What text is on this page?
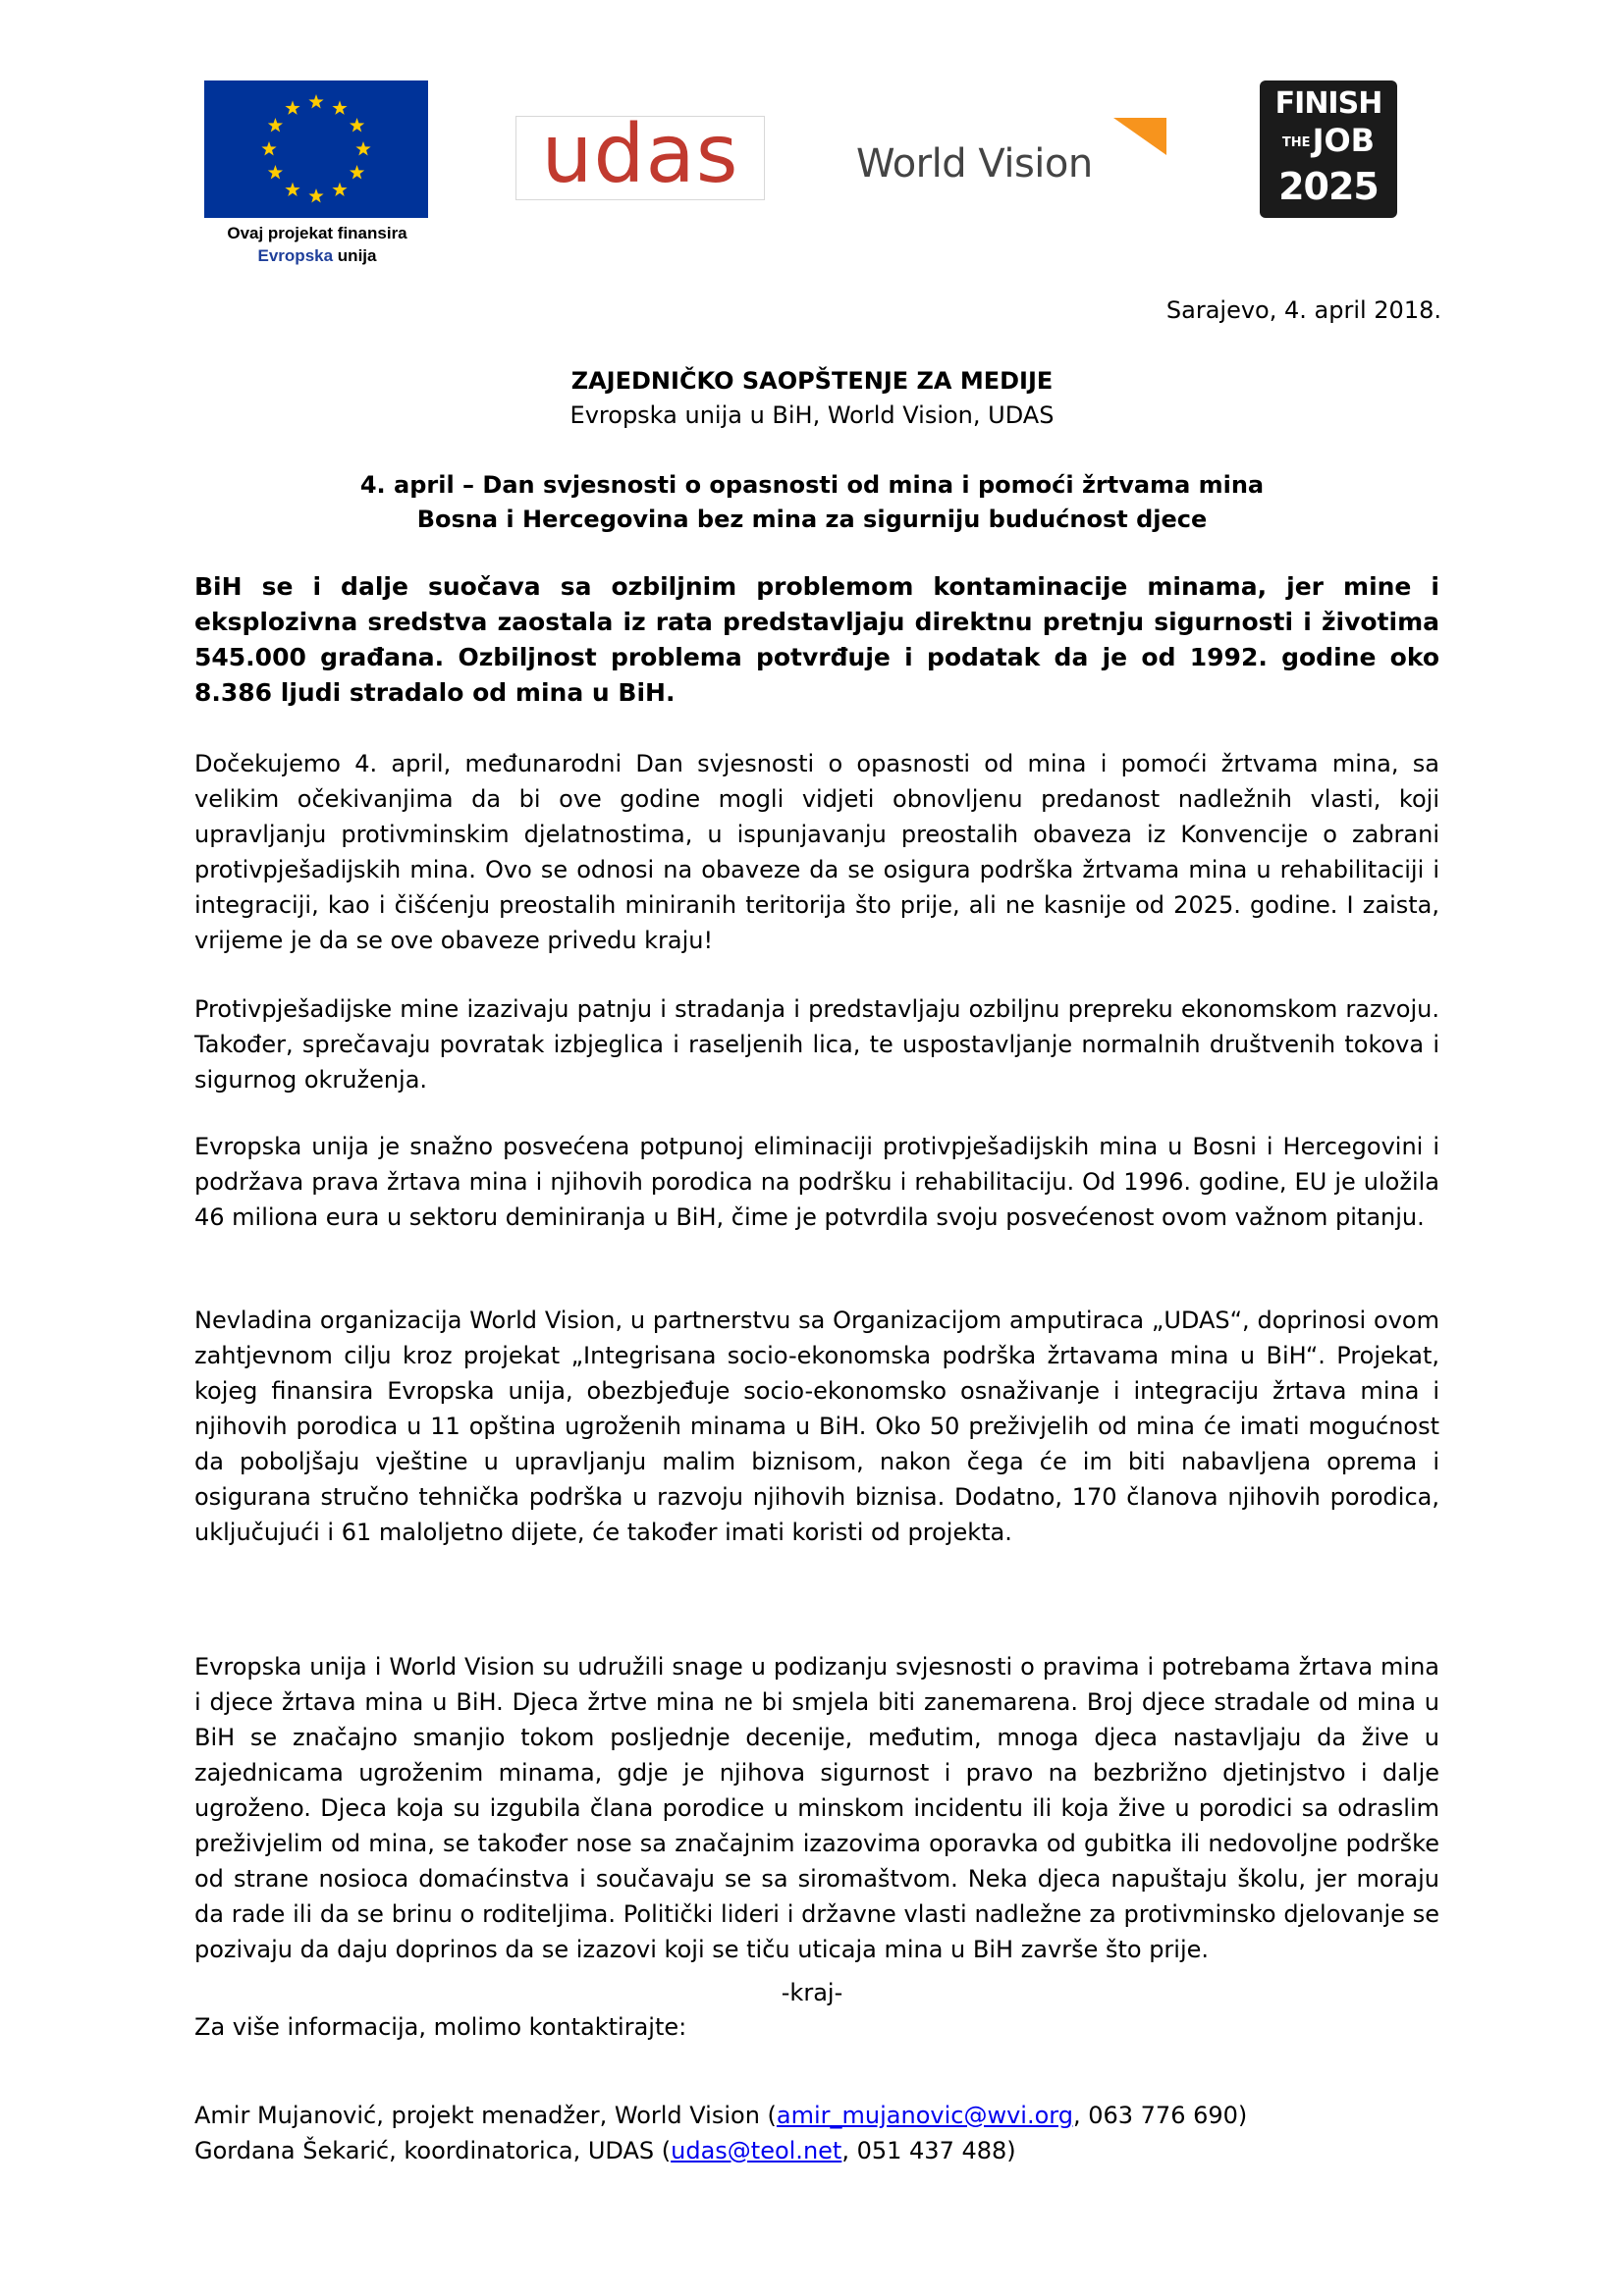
Ovaj projekat finansira
Evropska unija
udas	World Vision
FINISH
THEJOB
2025
Sarajevo, 4. april 2018.
ZAJEDNIČKO SAOPŠTENJE ZA MEDIJE
Evropska unija u BiH, World Vision, UDAS
4. april – Dan svjesnosti o opasnosti od mina i pomoći žrtvama mina
Bosna i Hercegovina bez mina za sigurniju budućnost djece

BiH se i dalje suočava sa ozbiljnim problemom kontaminacije minama, jer mine i eksplozivna sredstva zaostala iz rata predstavljaju direktnu pretnju sigurnosti i životima 545.000 građana. Ozbiljnost problema potvrđuje i podatak da je od 1992. godine oko 8.386 ljudi stradalo od mina u BiH.

Dočekujemo 4. april, međunarodni Dan svjesnosti o opasnosti od mina i pomoći žrtvama mina, sa velikim očekivanjima da bi ove godine mogli vidjeti obnovljenu predanost nadležnih vlasti, koji upravljanju protivminskim djelatnostima, u ispunjavanju preostalih obaveza iz Konvencije o zabrani protivpješadijskih mina. Ovo se odnosi na obaveze da se osigura podrška žrtvama mina u rehabilitaciji i integraciji, kao i čišćenju preostalih miniranih teritorija što prije, ali ne kasnije od 2025. godine. I zaista, vrijeme je da se ove obaveze privedu kraju!

Protivpješadijske mine izazivaju patnju i stradanja i predstavljaju ozbiljnu prepreku ekonomskom razvoju. Također, sprečavaju povratak izbjeglica i raseljenih lica, te uspostavljanje normalnih društvenih tokova i sigurnog okruženja.

Evropska unija je snažno posvećena potpunoj eliminaciji protivpješadijskih mina u Bosni i Hercegovini i podržava prava žrtava mina i njihovih porodica na podršku i rehabilitaciju. Od 1996. godine, EU je uložila 46 miliona eura u sektoru deminiranja u BiH, čime je potvrdila svoju posvećenost ovom važnom pitanju.

Nevladina organizacija World Vision, u partnerstvu sa Organizacijom amputiraca „UDAS“, doprinosi ovom zahtjevnom cilju kroz projekat „Integrisana socio-ekonomska podrška žrtavama mina u BiH“. Projekat, kojeg finansira Evropska unija, obezbjeđuje socio-ekonomsko osnaživanje i integraciju žrtava mina i njihovih porodica u 11 opština ugroženih minama u BiH. Oko 50 preživjelih od mina će imati mogućnost da poboljšaju vještine u upravljanju malim biznisom, nakon čega će im biti nabavljena oprema i osigurana stručno tehnička podrška u razvoju njihovih biznisa. Dodatno, 170 članova njihovih porodica, uključujući i 61 maloljetno dijete, će također imati koristi od projekta.

Evropska unija i World Vision su udružili snage u podizanju svjesnosti o pravima i potrebama žrtava mina i djece žrtava mina u BiH. Djeca žrtve mina ne bi smjela biti zanemarena. Broj djece stradale od mina u BiH se značajno smanjio tokom posljednje decenije, međutim, mnoga djeca nastavljaju da žive u zajednicama ugroženim minama, gdje je njihova sigurnost i pravo na bezbrižno djetinjstvo i dalje ugroženo. Djeca koja su izgubila člana porodice u minskom incidentu ili koja žive u porodici sa odraslim preživjelim od mina, se također nose sa značajnim izazovima oporavka od gubitka ili nedovoljne podrške od strane nosioca domaćinstva i součavaju se sa siromaštvom. Neka djeca napuštaju školu, jer moraju da rade ili da se brinu o roditeljima. Politički lideri i državne vlasti nadležne za protivminsko djelovanje se pozivaju da daju doprinos da se izazovi koji se tiču uticaja mina u BiH završe što prije.

-kraj-
Za više informacija, molimo kontaktirajte:
Amir Mujanović, projekt menadžer, World Vision (amir_mujanovic@wvi.org, 063 776 690)
Gordana Šekarić, koordinatorica, UDAS (udas@teol.net, 051 437 488)
